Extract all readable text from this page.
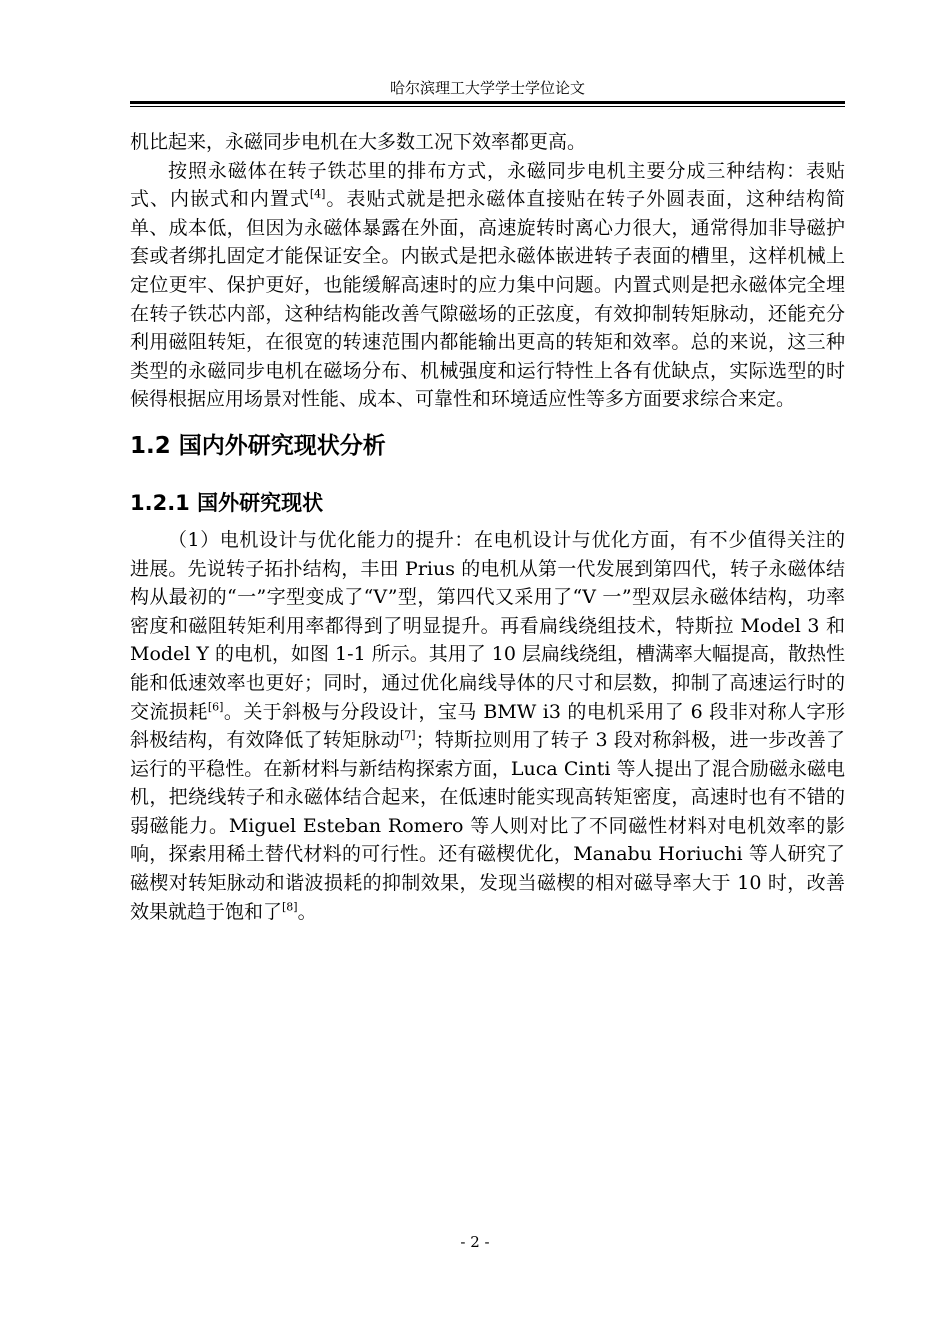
哈尔滨理工大学学士学位论文

机比起来，永磁同步电机在大多数工况下效率都更高。

按照永磁体在转子铁芯里的排布方式，永磁同步电机主要分成三种结构：表贴式、内嵌式和内置式[4]。表贴式就是把永磁体直接贴在转子外圆表面，这种结构简单、成本低，但因为永磁体暴露在外面，高速旋转时离心力很大，通常得加非导磁护套或者绑扎固定才能保证安全。内嵌式是把永磁体嵌进转子表面的槽里，这样机械上定位更牢、保护更好，也能缓解高速时的应力集中问题。内置式则是把永磁体完全埋在转子铁芯内部，这种结构能改善气隙磁场的正弦度，有效抑制转矩脉动，还能充分利用磁阻转矩，在很宽的转速范围内都能输出更高的转矩和效率。总的来说，这三种类型的永磁同步电机在磁场分布、机械强度和运行特性上各有优缺点，实际选型的时候得根据应用场景对性能、成本、可靠性和环境适应性等多方面要求综合来定。

1.2 国内外研究现状分析
1.2.1 国外研究现状

（1）电机设计与优化能力的提升：在电机设计与优化方面，有不少值得关注的进展。先说转子拓扑结构，丰田 Prius 的电机从第一代发展到第四代，转子永磁体结构从最初的“一”字型变成了“V”型，第四代又采用了“V 一”型双层永磁体结构，功率密度和磁阻转矩利用率都得到了明显提升。再看扁线绕组技术，特斯拉 Model 3 和 Model Y 的电机，如图 1-1 所示。其用了 10 层扁线绕组，槽满率大幅提高，散热性能和低速效率也更好；同时，通过优化扁线导体的尺寸和层数，抑制了高速运行时的交流损耗[6]。关于斜极与分段设计，宝马 BMW i3 的电机采用了 6 段非对称人字形斜极结构，有效降低了转矩脉动[7]；特斯拉则用了转子 3 段对称斜极，进一步改善了运行的平稳性。在新材料与新结构探索方面，Luca Cinti 等人提出了混合励磁永磁电机，把绕线转子和永磁体结合起来，在低速时能实现高转矩密度，高速时也有不错的弱磁能力。Miguel Esteban Romero 等人则对比了不同磁性材料对电机效率的影响，探索用稀土替代材料的可行性。还有磁楔优化，Manabu Horiuchi 等人研究了磁楔对转矩脉动和谐波损耗的抑制效果，发现当磁楔的相对磁导率大于 10 时，改善效果就趋于饱和了[8]。

- 2 -
